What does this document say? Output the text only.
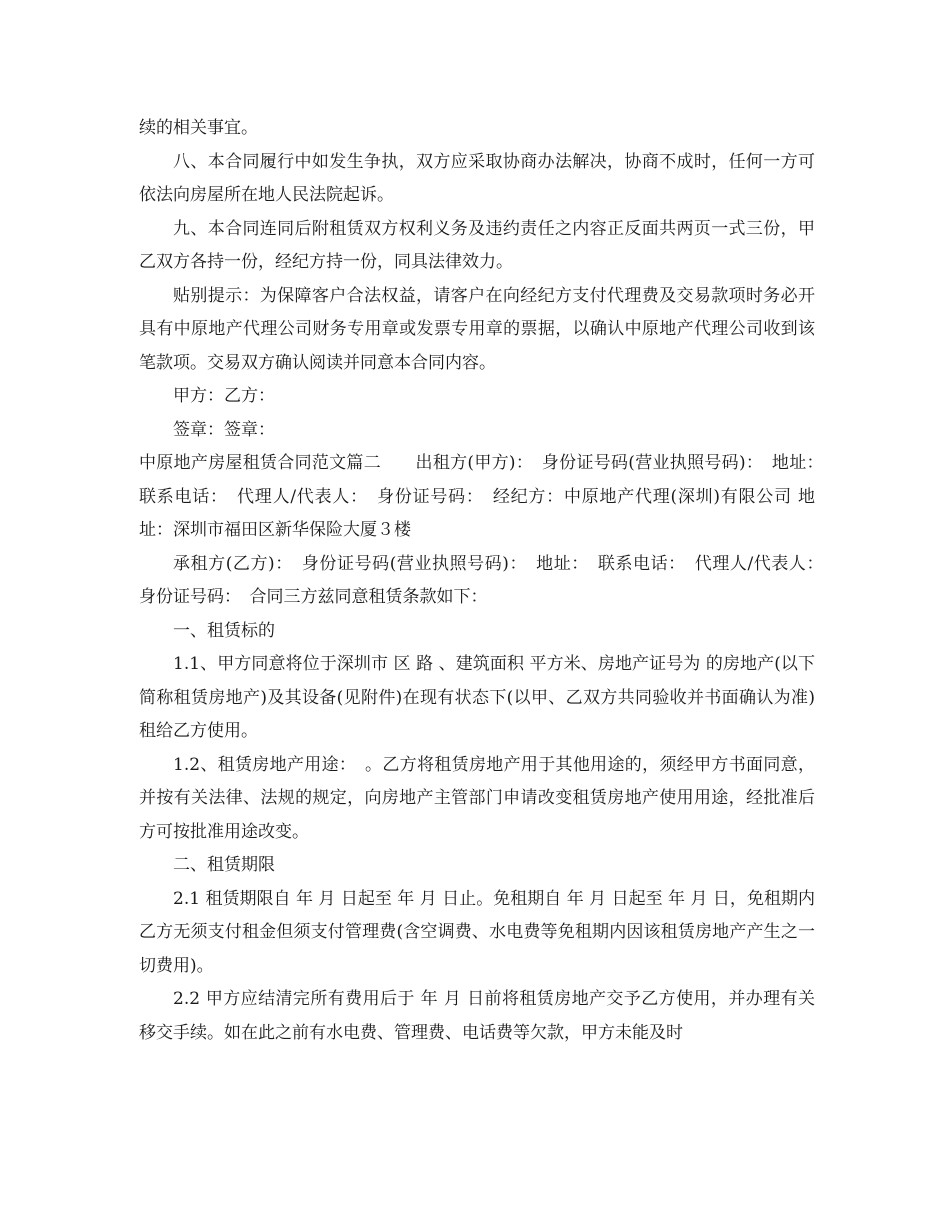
续的相关事宜。

八、本合同履行中如发生争执，双方应采取协商办法解决，协商不成时，任何一方可依法向房屋所在地人民法院起诉。

九、本合同连同后附租赁双方权利义务及违约责任之内容正反面共两页一式三份，甲乙双方各持一份，经纪方持一份，同具法律效力。

贴别提示：为保障客户合法权益，请客户在向经纪方支付代理费及交易款项时务必开具有中原地产代理公司财务专用章或发票专用章的票据，以确认中原地产代理公司收到该笔款项。交易双方确认阅读并同意本合同内容。

甲方：乙方：

签章：签章：

中原地产房屋租赁合同范文篇二　　出租方(甲方)：　身份证号码(营业执照号码)：　地址：　联系电话：　代理人/代表人：　身份证号码：　经纪方：中原地产代理(深圳)有限公司 地址：深圳市福田区新华保险大厦３楼

承租方(乙方)：　身份证号码(营业执照号码)：　地址：　联系电话：　代理人/代表人：　身份证号码：　合同三方兹同意租赁条款如下：

一、租赁标的

1.1、甲方同意将位于深圳市 区 路 、建筑面积 平方米、房地产证号为 的房地产(以下简称租赁房地产)及其设备(见附件)在现有状态下(以甲、乙双方共同验收并书面确认为准)租给乙方使用。

1.2、租赁房地产用途：　。乙方将租赁房地产用于其他用途的，须经甲方书面同意，并按有关法律、法规的规定，向房地产主管部门申请改变租赁房地产使用用途，经批准后方可按批准用途改变。

二、租赁期限

2.1 租赁期限自 年 月 日起至 年 月 日止。免租期自 年 月 日起至 年 月 日，免租期内乙方无须支付租金但须支付管理费(含空调费、水电费等免租期内因该租赁房地产产生之一切费用)。

2.2 甲方应结清完所有费用后于 年 月 日前将租赁房地产交予乙方使用，并办理有关移交手续。如在此之前有水电费、管理费、电话费等欠款，甲方未能及时
